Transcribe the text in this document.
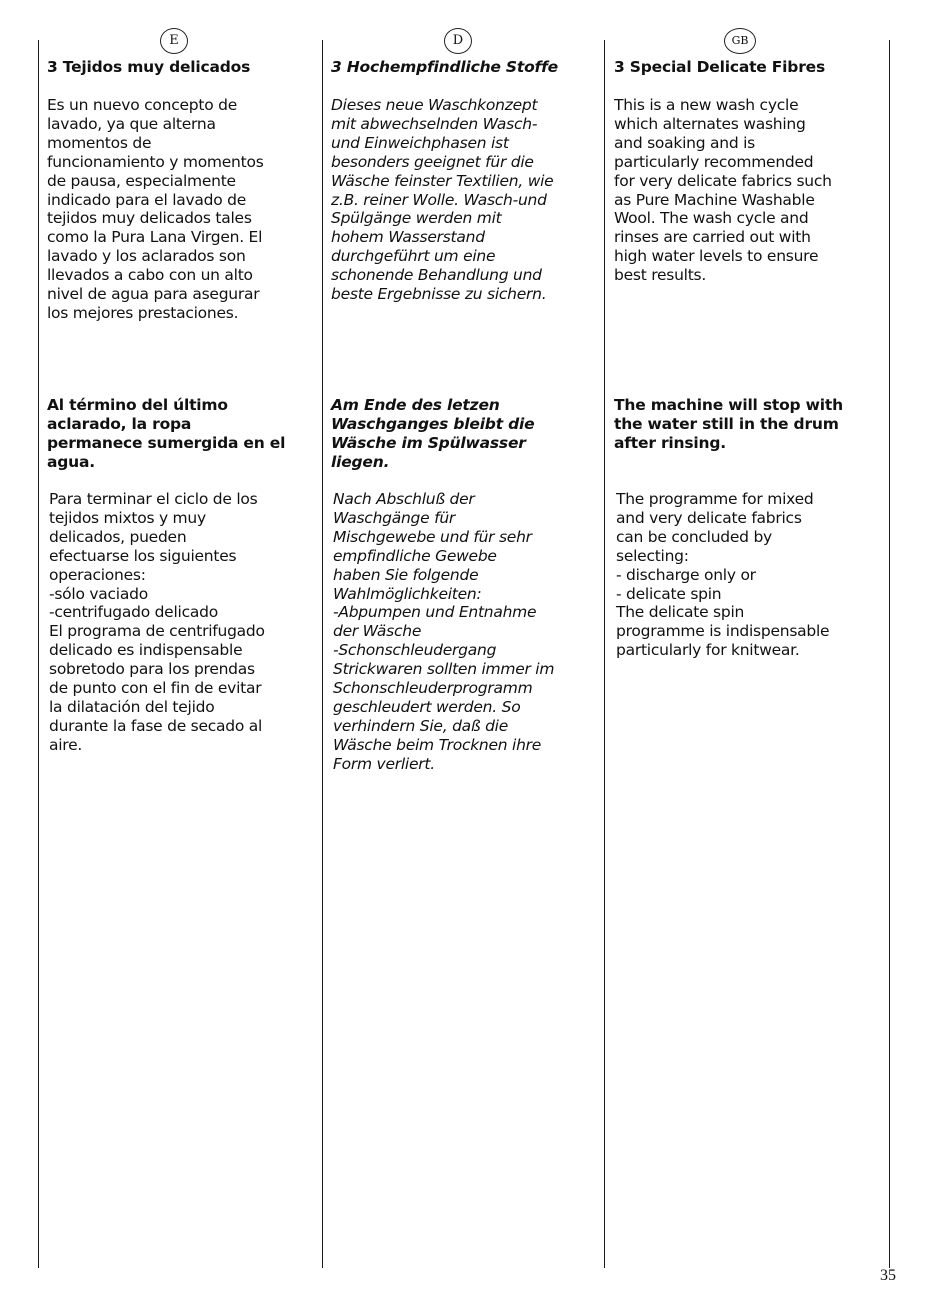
E
3 Tejidos muy delicados

Es un nuevo concepto de
lavado, ya que alterna
momentos de
funcionamiento y momentos
de pausa, especialmente
indicado para el lavado de
tejidos muy delicados tales
como la Pura Lana Virgen. El
lavado y los aclarados son
llevados a cabo con un alto
nivel de agua para asegurar
los mejores prestaciones.

Al término del último
aclarado, la ropa
permanece sumergida en el
agua.

Para terminar el ciclo de los
tejidos mixtos y muy
delicados, pueden
efectuarse los siguientes
operaciones:
-sólo vaciado
-centrifugado delicado
El programa de centrifugado
delicado es indispensable
sobretodo para los prendas
de punto con el fin de evitar
la dilatación del tejido
durante la fase de secado al
aire.

D
3 Hochempfindliche Stoffe

Dieses neue Waschkonzept
mit abwechselnden Wasch-
und Einweichphasen ist
besonders geeignet für die
Wäsche feinster Textilien, wie
z.B. reiner Wolle. Wasch-und
Spülgänge werden mit
hohem Wasserstand
durchgeführt um eine
schonende Behandlung und
beste Ergebnisse zu sichern.

Am Ende des letzen
Waschganges bleibt die
Wäsche im Spülwasser
liegen.

Nach Abschluß der
Waschgänge für
Mischgewebe und für sehr
empfindliche Gewebe
haben Sie folgende
Wahlmöglichkeiten:
-Abpumpen und Entnahme
der Wäsche
-Schonschleudergang
Strickwaren sollten immer im
Schonschleuderprogramm
geschleudert werden. So
verhindern Sie, daß die
Wäsche beim Trocknen ihre
Form verliert.

GB
3 Special Delicate Fibres

This is a new wash cycle
which alternates washing
and soaking and is
particularly recommended
for very delicate fabrics such
as Pure Machine Washable
Wool. The wash cycle and
rinses are carried out with
high water levels to ensure
best results.

The machine will stop with
the water still in the drum
after rinsing.

The programme for mixed
and very delicate fabrics
can be concluded by
selecting:
- discharge only or
- delicate spin
The delicate spin
programme is indispensable
particularly for knitwear.

35
